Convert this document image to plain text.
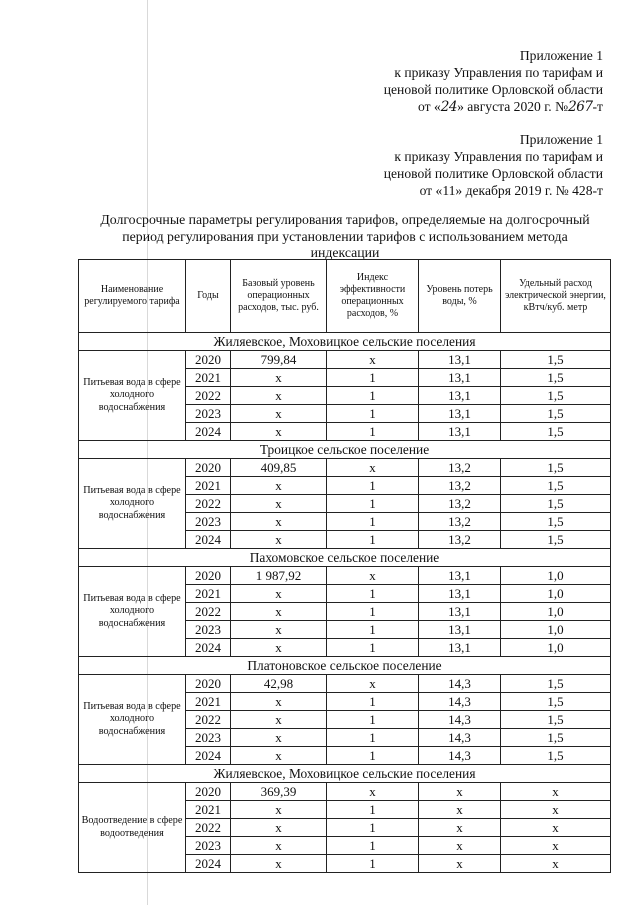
Приложение 1
к приказу Управления по тарифам и
ценовой политике Орловской области
от «24» августа 2020 г. №267-т
Приложение 1
к приказу Управления по тарифам и
ценовой политике Орловской области
от «11» декабря 2019 г. № 428-т
Долгосрочные параметры регулирования тарифов, определяемые на долгосрочный
период регулирования при установлении тарифов с использованием метода
индексации
Наименование регулируемого тарифа	Годы	Базовый уровень операционных расходов, тыс. руб.	Индекс эффективности операционных расходов, %	Уровень потерь воды, %	Удельный расход электрической энергии, кВтч/куб. метр
Жиляевское, Моховицкое сельские поселения					
Питьевая вода в сфере холодного водоснабжения	2020	799,84	х	13,1	1,5
	2021	х	1	13,1	1,5
	2022	х	1	13,1	1,5
	2023	х	1	13,1	1,5
	2024	х	1	13,1	1,5
Троицкое сельское поселение					
Питьевая вода в сфере холодного водоснабжения	2020	409,85	х	13,2	1,5
	2021	х	1	13,2	1,5
	2022	х	1	13,2	1,5
	2023	х	1	13,2	1,5
	2024	х	1	13,2	1,5
Пахомовское сельское поселение					
Питьевая вода в сфере холодного водоснабжения	2020	1 987,92	х	13,1	1,0
	2021	х	1	13,1	1,0
	2022	х	1	13,1	1,0
	2023	х	1	13,1	1,0
	2024	х	1	13,1	1,0
Платоновское сельское поселение					
Питьевая вода в сфере холодного водоснабжения	2020	42,98	х	14,3	1,5
	2021	х	1	14,3	1,5
	2022	х	1	14,3	1,5
	2023	х	1	14,3	1,5
	2024	х	1	14,3	1,5
Жиляевское, Моховицкое сельские поселения					
Водоотведение в сфере водоотведения	2020	369,39	х	х	х
	2021	х	1	х	х
	2022	х	1	х	х
	2023	х	1	х	х
	2024	х	1	х	х
